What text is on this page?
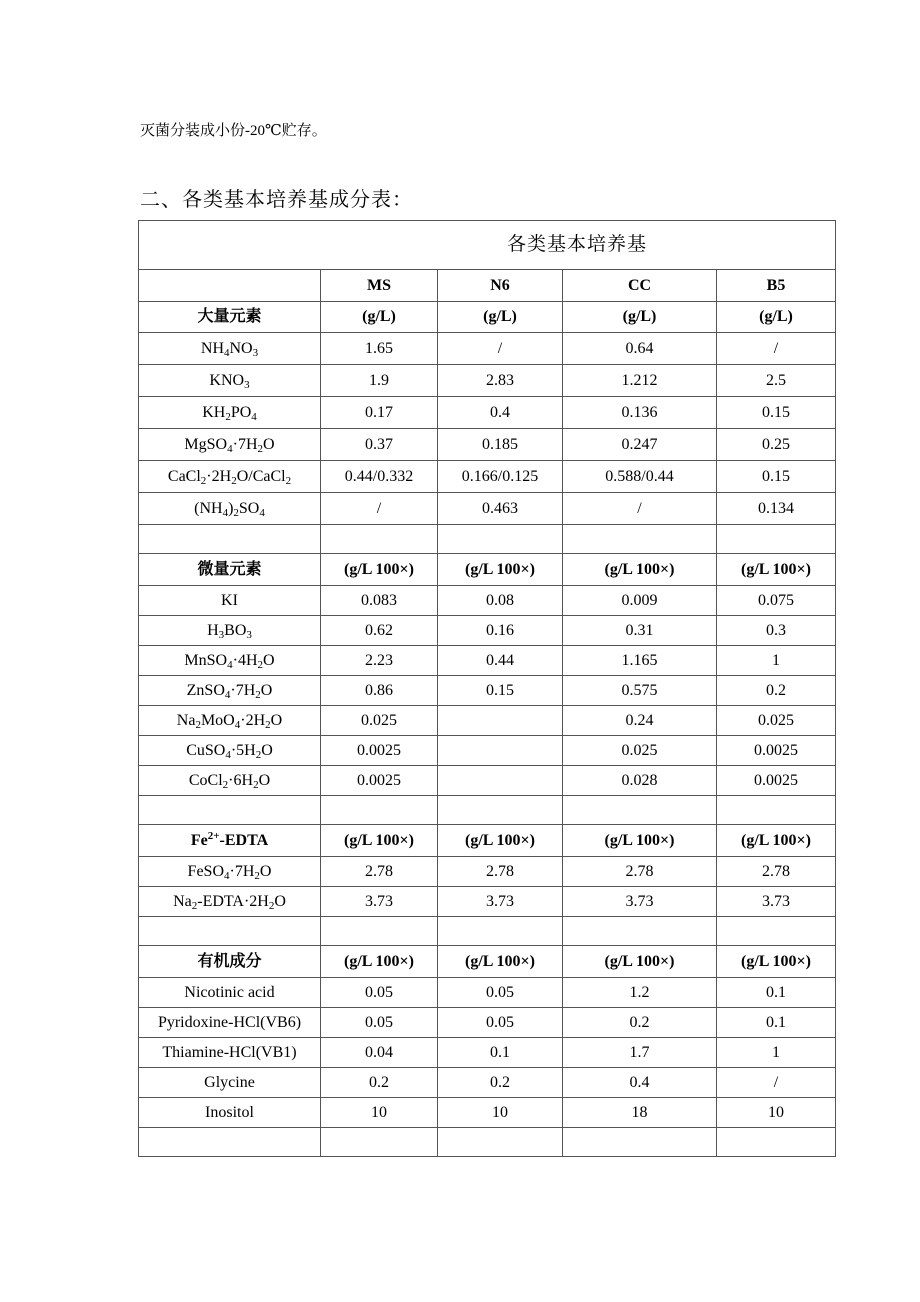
灭菌分装成小份-20℃贮存。
二、各类基本培养基成分表：
各类基本培养基				
	MS	N6	CC	B5
大量元素	(g/L)	(g/L)	(g/L)	(g/L)
$NH_4NO_3$	1.65	/	0.64	/
$KNO_3$	1.9	2.83	1.212	2.5
$KH_2PO_4$	0.17	0.4	0.136	0.15
$MgSO_4\cdot 7H_2O$	0.37	0.185	0.247	0.25
$CaCl_2\cdot 2H_2O/CaCl_2$	0.44/0.332	0.166/0.125	0.588/0.44	0.15
$(NH_4)_2SO_4$	/	0.463	/	0.134

微量元素	(g/L 100×)	(g/L 100×)	(g/L 100×)	(g/L 100×)
KI	0.083	0.08	0.009	0.075
$H_3BO_3$	0.62	0.16	0.31	0.3
$MnSO_4\cdot 4H_2O$	2.23	0.44	1.165	1
$ZnSO_4\cdot 7H_2O$	0.86	0.15	0.575	0.2
$Na_2MoO_4\cdot 2H_2O$	0.025		0.24	0.025
$CuSO_4\cdot 5H_2O$	0.0025		0.025	0.0025
$CoCl_2\cdot 6H_2O$	0.0025		0.028	0.0025

$Fe^{2+}$-EDTA	(g/L 100×)	(g/L 100×)	(g/L 100×)	(g/L 100×)
$FeSO_4\cdot 7H_2O$	2.78	2.78	2.78	2.78
$Na_2-EDTA\cdot 2H_2O$	3.73	3.73	3.73	3.73

有机成分	(g/L 100×)	(g/L 100×)	(g/L 100×)	(g/L 100×)
Nicotinic acid	0.05	0.05	1.2	0.1
Pyridoxine-HCl(VB6)	0.05	0.05	0.2	0.1
Thiamine-HCl(VB1)	0.04	0.1	1.7	1
Glycine	0.2	0.2	0.4	/
Inositol	10	10	18	10
